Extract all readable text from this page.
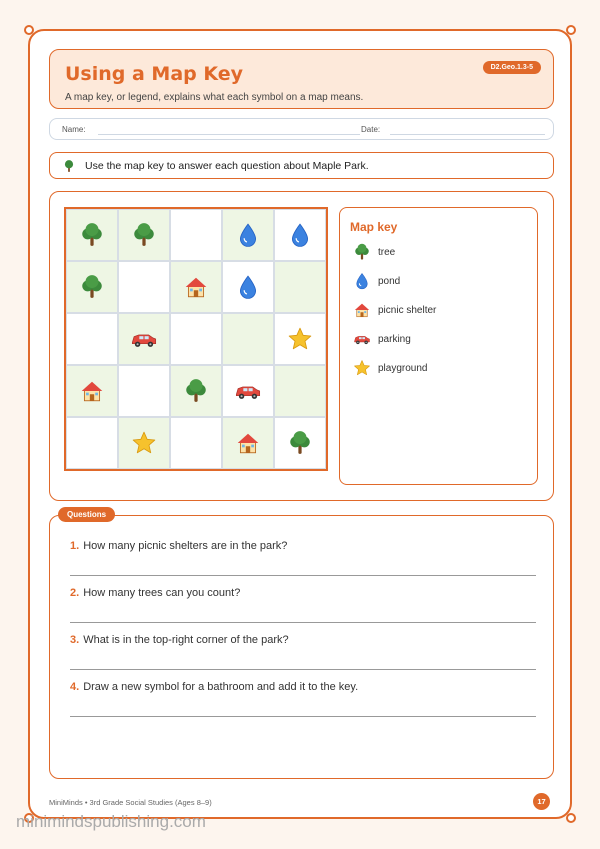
Using a Map Key
A map key, or legend, explains what each symbol on a map means.
D2.Geo.1.3-5
Name:	Date:
Use the map key to answer each question about Maple Park.
Map key
tree
pond
picnic shelter
parking
playground
Questions
1. How many picnic shelters are in the park?
2. How many trees can you count?
3. What is in the top-right corner of the park?
4. Draw a new symbol for a bathroom and add it to the key.
MiniMinds • 3rd Grade Social Studies (Ages 8–9)	17
minimindspublishing.com
